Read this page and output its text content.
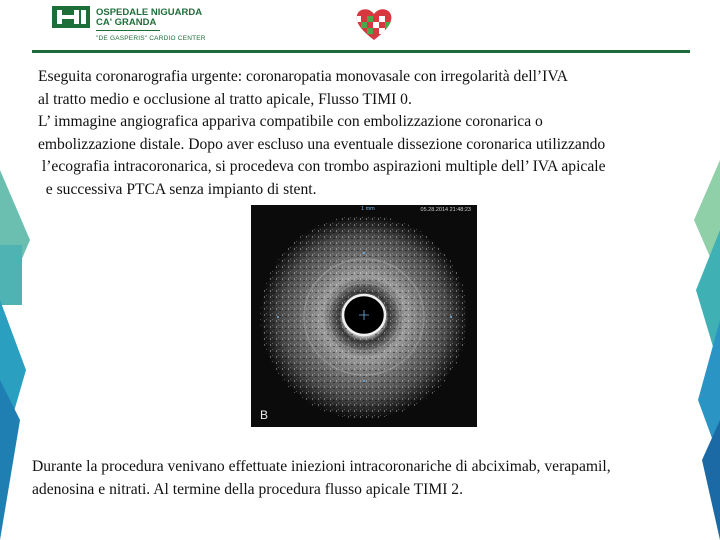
OSPEDALE NIGUARDA
CA' GRANDA
"DE GASPERIS" CARDIO CENTER
Eseguita coronarografia urgente: coronaropatia monovasale con irregolarità dell’IVA
al tratto medio e occlusione al tratto apicale, Flusso TIMI 0.
L’ immagine angiografica appariva compatibile con embolizzazione coronarica o
embolizzazione distale. Dopo aver escluso una eventuale dissezione coronarica utilizzando
l’ecografia intracoronarica, si procedeva con trombo aspirazioni multiple dell’ IVA apicale
e successiva PTCA senza impianto di stent.
1 mm	05.28.2014 21:48:23
B
Durante la procedura venivano effettuate iniezioni intracoronariche di abciximab, verapamil,
adenosina e nitrati. Al termine della procedura flusso apicale TIMI 2.
